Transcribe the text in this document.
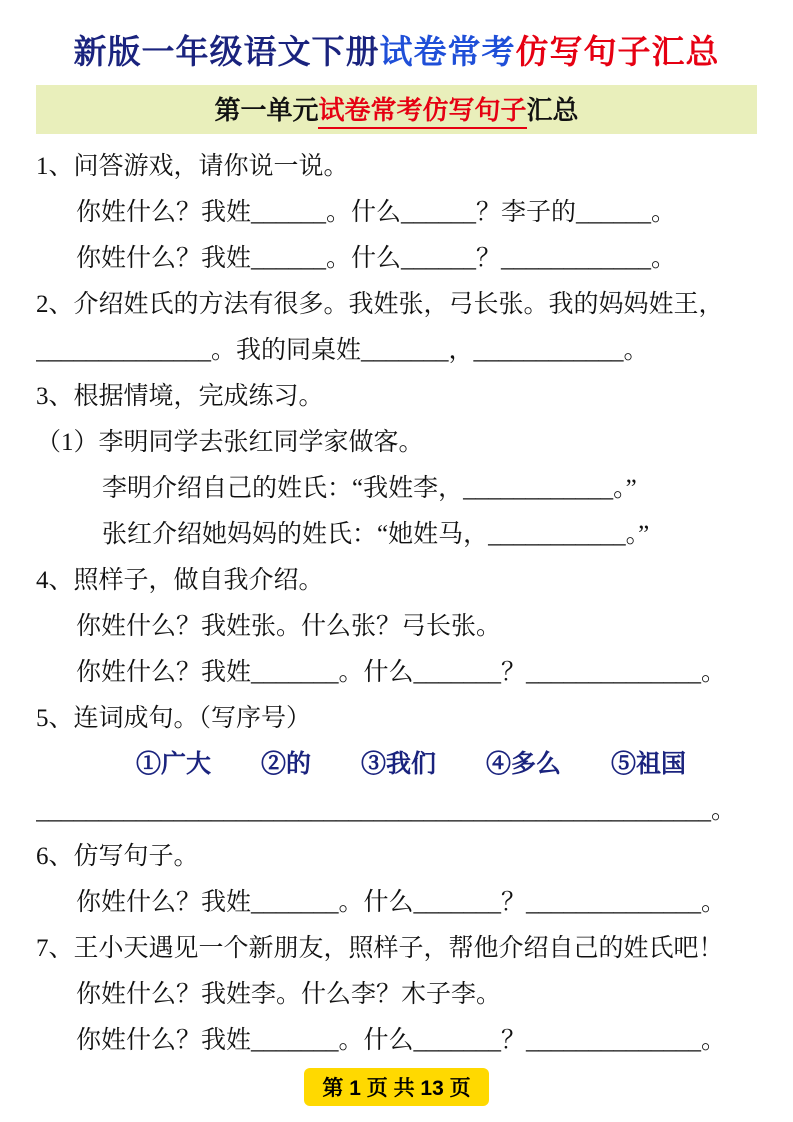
新版一年级语文下册试卷常考仿写句子汇总
第一单元试卷常考仿写句子汇总

1、问答游戏，请你说一说。

你姓什么？我姓______。什么______？李子的______。

你姓什么？我姓______。什么______？____________。

2、介绍姓氏的方法有很多。我姓张，弓长张。我的妈妈姓王，

______________。我的同桌姓_______，____________。

3、根据情境，完成练习。

（1）李明同学去张红同学家做客。

李明介绍自己的姓氏：“我姓李，____________。”

张红介绍她妈妈的姓氏：“她姓马，___________。”

4、照样子，做自我介绍。

你姓什么？我姓张。什么张？弓长张。

你姓什么？我姓_______。什么_______？______________。

5、连词成句。（写序号）

①广大　　②的　　③我们　　④多么　　⑤祖国

______________________________________________________。

6、仿写句子。

你姓什么？我姓_______。什么_______？______________。

7、王小天遇见一个新朋友，照样子，帮他介绍自己的姓氏吧！

你姓什么？我姓李。什么李？木子李。

你姓什么？我姓_______。什么_______？______________。

第 1 页 共 13 页
